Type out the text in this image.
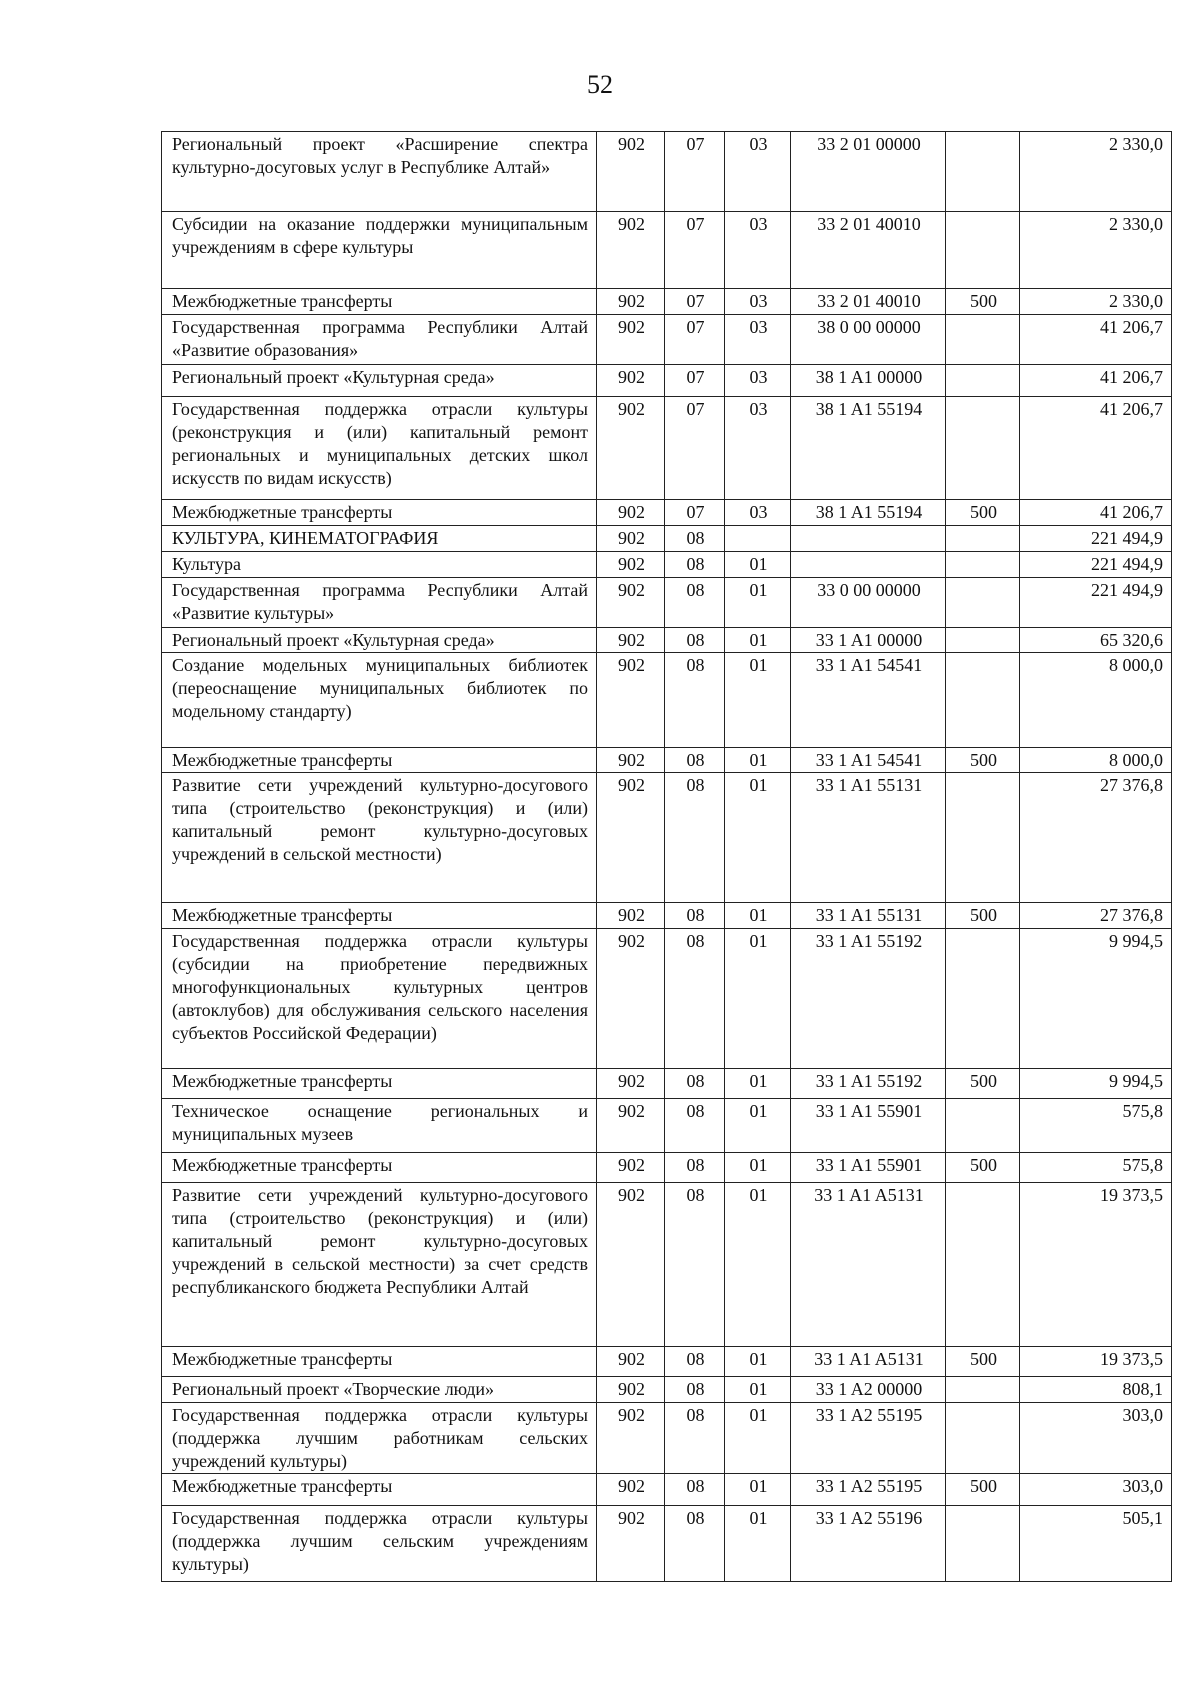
52
Региональный проект «Расширение спектра культурно-досуговых услуг в Республике Алтай»	902	07	03	33 2 01 00000		2 330,0
Субсидии на оказание поддержки муниципальным учреждениям в сфере культуры	902	07	03	33 2 01 40010		2 330,0
Межбюджетные трансферты	902	07	03	33 2 01 40010	500	2 330,0
Государственная программа Республики Алтай «Развитие образования»	902	07	03	38 0 00 00000		41 206,7
Региональный проект «Культурная среда»	902	07	03	38 1 A1 00000		41 206,7
Государственная поддержка отрасли культуры (реконструкция и (или) капитальный ремонт региональных и муниципальных детских школ искусств по видам искусств)	902	07	03	38 1 A1 55194		41 206,7
Межбюджетные трансферты	902	07	03	38 1 A1 55194	500	41 206,7
КУЛЬТУРА, КИНЕМАТОГРАФИЯ	902	08				221 494,9
Культура	902	08	01			221 494,9
Государственная программа Республики Алтай «Развитие культуры»	902	08	01	33 0 00 00000		221 494,9
Региональный проект «Культурная среда»	902	08	01	33 1 A1 00000		65 320,6
Создание модельных муниципальных библиотек (переоснащение муниципальных библиотек по модельному стандарту)	902	08	01	33 1 A1 54541		8 000,0
Межбюджетные трансферты	902	08	01	33 1 A1 54541	500	8 000,0
Развитие сети учреждений культурно-досугового типа (строительство (реконструкция) и (или) капитальный ремонт культурно-досуговых учреждений в сельской местности)	902	08	01	33 1 A1 55131		27 376,8
Межбюджетные трансферты	902	08	01	33 1 A1 55131	500	27 376,8
Государственная поддержка отрасли культуры (субсидии на приобретение передвижных многофункциональных культурных центров (автоклубов) для обслуживания сельского населения субъектов Российской Федерации)	902	08	01	33 1 A1 55192		9 994,5
Межбюджетные трансферты	902	08	01	33 1 A1 55192	500	9 994,5
Техническое оснащение региональных и муниципальных музеев	902	08	01	33 1 A1 55901		575,8
Межбюджетные трансферты	902	08	01	33 1 A1 55901	500	575,8
Развитие сети учреждений культурно-досугового типа (строительство (реконструкция) и (или) капитальный ремонт культурно-досуговых учреждений в сельской местности) за счет средств республиканского бюджета Республики Алтай	902	08	01	33 1 A1 A5131		19 373,5
Межбюджетные трансферты	902	08	01	33 1 A1 A5131	500	19 373,5
Региональный проект «Творческие люди»	902	08	01	33 1 A2 00000		808,1
Государственная поддержка отрасли культуры (поддержка лучшим работникам сельских учреждений культуры)	902	08	01	33 1 A2 55195		303,0
Межбюджетные трансферты	902	08	01	33 1 A2 55195	500	303,0
Государственная поддержка отрасли культуры (поддержка лучшим сельским учреждениям культуры)	902	08	01	33 1 A2 55196		505,1
